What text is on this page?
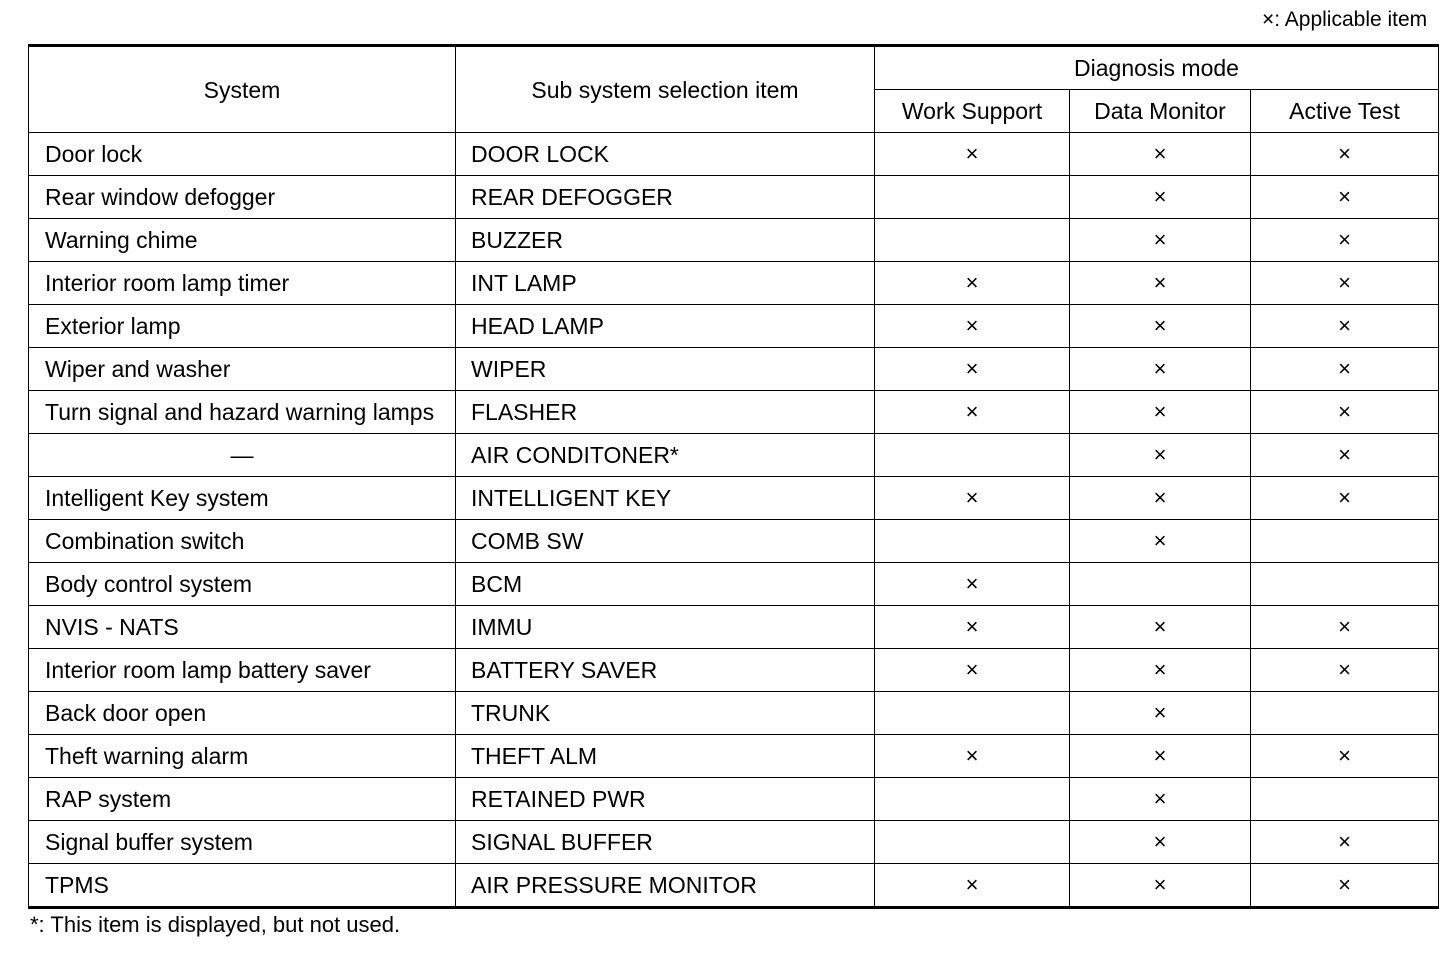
×: Applicable item
System	Sub system selection item	Diagnosis mode		
		Work Support	Data Monitor	Active Test
Door lock	DOOR LOCK	×	×	×
Rear window defogger	REAR DEFOGGER		×	×
Warning chime	BUZZER		×	×
Interior room lamp timer	INT LAMP	×	×	×
Exterior lamp	HEAD LAMP	×	×	×
Wiper and washer	WIPER	×	×	×
Turn signal and hazard warning lamps	FLASHER	×	×	×
—	AIR CONDITONER*		×	×
Intelligent Key system	INTELLIGENT KEY	×	×	×
Combination switch	COMB SW		×	
Body control system	BCM	×		
NVIS - NATS	IMMU	×	×	×
Interior room lamp battery saver	BATTERY SAVER	×	×	×
Back door open	TRUNK		×	
Theft warning alarm	THEFT ALM	×	×	×
RAP system	RETAINED PWR		×	
Signal buffer system	SIGNAL BUFFER		×	×
TPMS	AIR PRESSURE MONITOR	×	×	×
*: This item is displayed, but not used.
